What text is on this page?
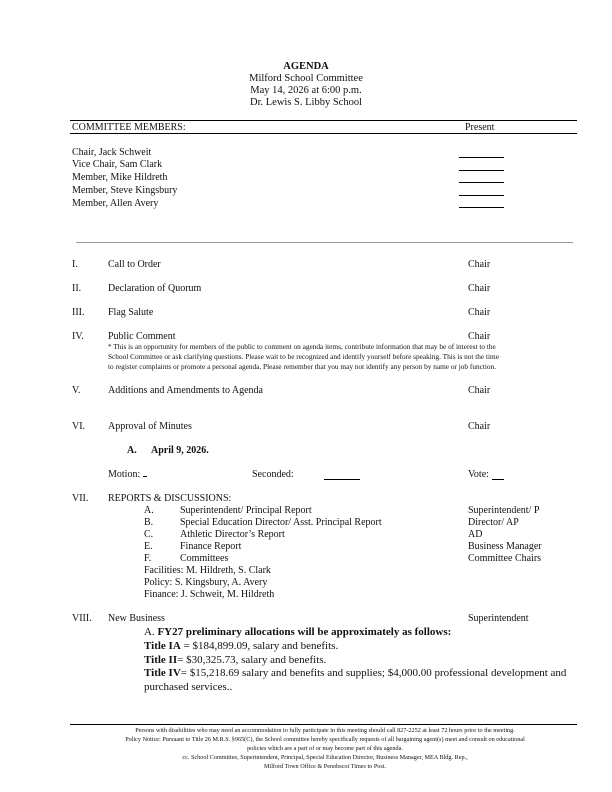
AGENDA
Milford School Committee
May 14, 2026 at 6:00 p.m.
Dr. Lewis S. Libby School
COMMITTEE MEMBERS:	Present
Chair, Jack Schweit
Vice Chair, Sam Clark
Member, Mike Hildreth
Member, Steve Kingsbury
Member, Allen Avery
I.	Call to Order	Chair
II.	Declaration of Quorum	Chair
III. Flag Salute	Chair
IV. Public Comment	Chair
* This is an opportunity for members of the public to comment on agenda items, contribute information that may be of interest to the
School Committee or ask clarifying questions. Please wait to be recognized and identify yourself before speaking. This is not the time
to register complaints or promote a personal agenda. Please remember that you may not identify any person by name or job function.
V.	Additions and Amendments to Agenda	Chair
VI. Approval of Minutes	Chair
A. April 9, 2026.
Motion:	Seconded:	Vote:
VII. REPORTS & DISCUSSIONS:
A.	Superintendent/ Principal Report	Superintendent/ P
B.	Special Education Director/ Asst. Principal Report	Director/ AP
C.	Athletic Director’s Report	AD
E.	Finance Report	Business Manager
F.	Committees	Committee Chairs
Facilities: M. Hildreth, S. Clark
Policy: S. Kingsbury, A. Avery
Finance: J. Schweit, M. Hildreth
VIII. New Business	Superintendent
A. FY27 preliminary allocations will be approximately as follows:
Title IA = $184,899.09, salary and benefits.
Title II= $30,325.73, salary and benefits.
Title IV= $15,218.69 salary and benefits and supplies; $4,000.00 professional development and
purchased services..
Persons with disabilities who may need an accommodation to fully participate in this meeting should call 827-2252 at least 72 hours prior to the meeting.
Policy Notice: Pursuant to Title 26 M.R.S. §965(C), the School committee hereby specifically requests of all bargaining agent(s) meet and consult on educational
policies which are a part of or may become part of this agenda.
cc. School Committee, Superintendent, Principal, Special Education Director, Business Manager, MEA Bldg. Rep.,
Milford Town Office & Penobscot Times to Post.
